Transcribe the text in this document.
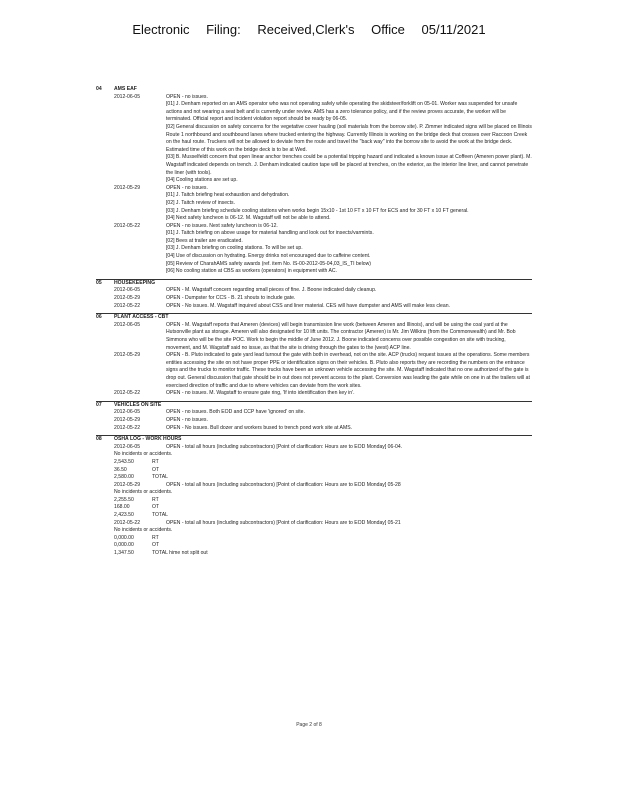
Electronic Filing: Received,Clerk's Office 05/11/2021
04	AMS EAF
2012-06-05	OPEN - no issues.
[01] J. Denham reported on an AMS operator who was not operating safely while operating the skidsteer/forklift on 05-01. Worker was suspended for unsafe actions and not wearing a seat belt and is currently under review. AMS has a zero tolerance policy, and if the review proves accurate, the worker will be terminated. Official report and incident violation report should be ready by 06-05.
[02] General discussion on safety concerns for the vegetative cover hauling (soil materials from the borrow site). P. Zimmer indicated signs will be placed on Illinois Route 1 northbound and southbound lanes where trucked entering the highway. Currently Illinois is working on the bridge deck that crosses over Raccoon Creek on the haul route. Truckers will not be allowed to deviate from the route and travel the "back way" into the borrow site to avoid the work at the bridge deck. Estimated time of this work on the bridge deck is to be at Wed.
[03] B. Musselfeldt concern that open linear anchor trenches could be a potential tripping hazard and indicated a known issue at Coffeen (Ameren power plant). M. Wagstaff indicated depends on trench. J. Denham indicated caution tape will be placed at trenches, on the exterior, as the interior line liner, and cannot penetrate the liner (with tools).
[04] Cooling stations are set up.
2012-05-29	OPEN - no issues.
[01] J. Taitch briefing heat exhaustion and dehydration.
[02] J. Taitch review of insects.
[03] J. Denham briefing schedule cooling stations when works begin 15x10 - 1st 10 FT x 10 FT for ECS and for 30 FT x 10 FT general.
[04] Next safety luncheon is 06-12. M. Wagstaff will not be able to attend.
2012-05-22	OPEN - no issues. Next safety luncheon is 06-12.
[01] J. Taitch briefing on above usage for material handling and look out for insects/varmints.
[02] Bees at trailer are eradicated.
[03] J. Denham briefing on cooling stations. To will be set up.
[04] Use of discussion on hydrating. Energy drinks not encouraged due to caffeine content.
[05] Review of CharahAMS safety awards (ref. item No. IS-00-2012-05-04,03_IS_TI below)
[06] No cooling station at CBS as workers (operators) in equipment with AC.
05	HOUSEKEEPING
2012-06-05	OPEN - M. Wagstaff concern regarding small pieces of fine. J. Boone indicated daily cleanup.
2012-05-29	OPEN - Dumpster for CCS - B. 21 shouts to include gate.
2012-05-22	OPEN - No issues. M. Wagstaff inquired about CSS and liner material. CES will have dumpster and AMS will make less clean.
06	PLANT ACCESS - CBT
2012-06-05	OPEN - M. Wagstaff reports that Ameren (devices) will begin transmission line work (between Ameren and Illinois), and will be using the coal yard at the Hutsonville plant as storage. Ameren will also designated for 10 lift units. The contractor (Ameren) is Mr. Jim Wilkins (from the Commonwealth) and Mr. Bob Simmons who will be the site POC. Work to begin the middle of June 2012. J. Boone indicated concerns over possible congestion on site with trucking, movement, and M. Wagstaff said no issue, as that the site is driving through the gates to the (west) ACP line.
2012-05-29	OPEN - B. Pluto indicated to gate yard lead turnout the gate with both in overhead, not on the site. ACP (trucks) request issues at the operations. Some members entities accessing the site on not have proper PPE or identification signs on their vehicles. B. Pluto also reports they are recording the numbers on the entrance signs and the trucks to monitor traffic. These trucks have been an unknown vehicle accessing the site. M. Wagstaff indicated that no one authorized of the gate is drop out. General discussion that gate should be in out does not prevent access to the plant. Conversion was leading the gate while on one in at the trailers will at exercised direction of traffic and due to where vehicles can deviate from the work sites.
2012-05-22	OPEN - no issues. M. Wagstaff to ensure gate ring, 'If into identification then key in'.
07	VEHICLES ON SITE
2012-06-05	OPEN - no issues. Both EOD and CCP have 'ignored' on site.
2012-05-29	OPEN - no issues.
2012-05-22	OPEN - No issues. Bull dozer and workers bused to trench pond work site at AMS.
08	OSHA LOG - WORK HOURS
2012-06-05	OPEN - total all hours (including subcontractors) [Point of clarification: Hours are to EOD Monday] 06-04.
No incidents or accidents.
2,543.50	RT
36.50	OT
2,580.00	TOTAL
2012-05-29	OPEN - total all hours (including subcontractors) [Point of clarification: Hours are to EOD Monday] 05-28
No incidents or accidents.
2,255.50	RT
168.00	OT
2,423.50	TOTAL
2012-05-22	OPEN - total all hours (including subcontractors) [Point of clarification: Hours are to EOD Monday] 05-21
No incidents or accidents.
0,000.00	RT
0,000.00	OT
1,347.50	TOTAL hime not split out
Page 2 of 8
